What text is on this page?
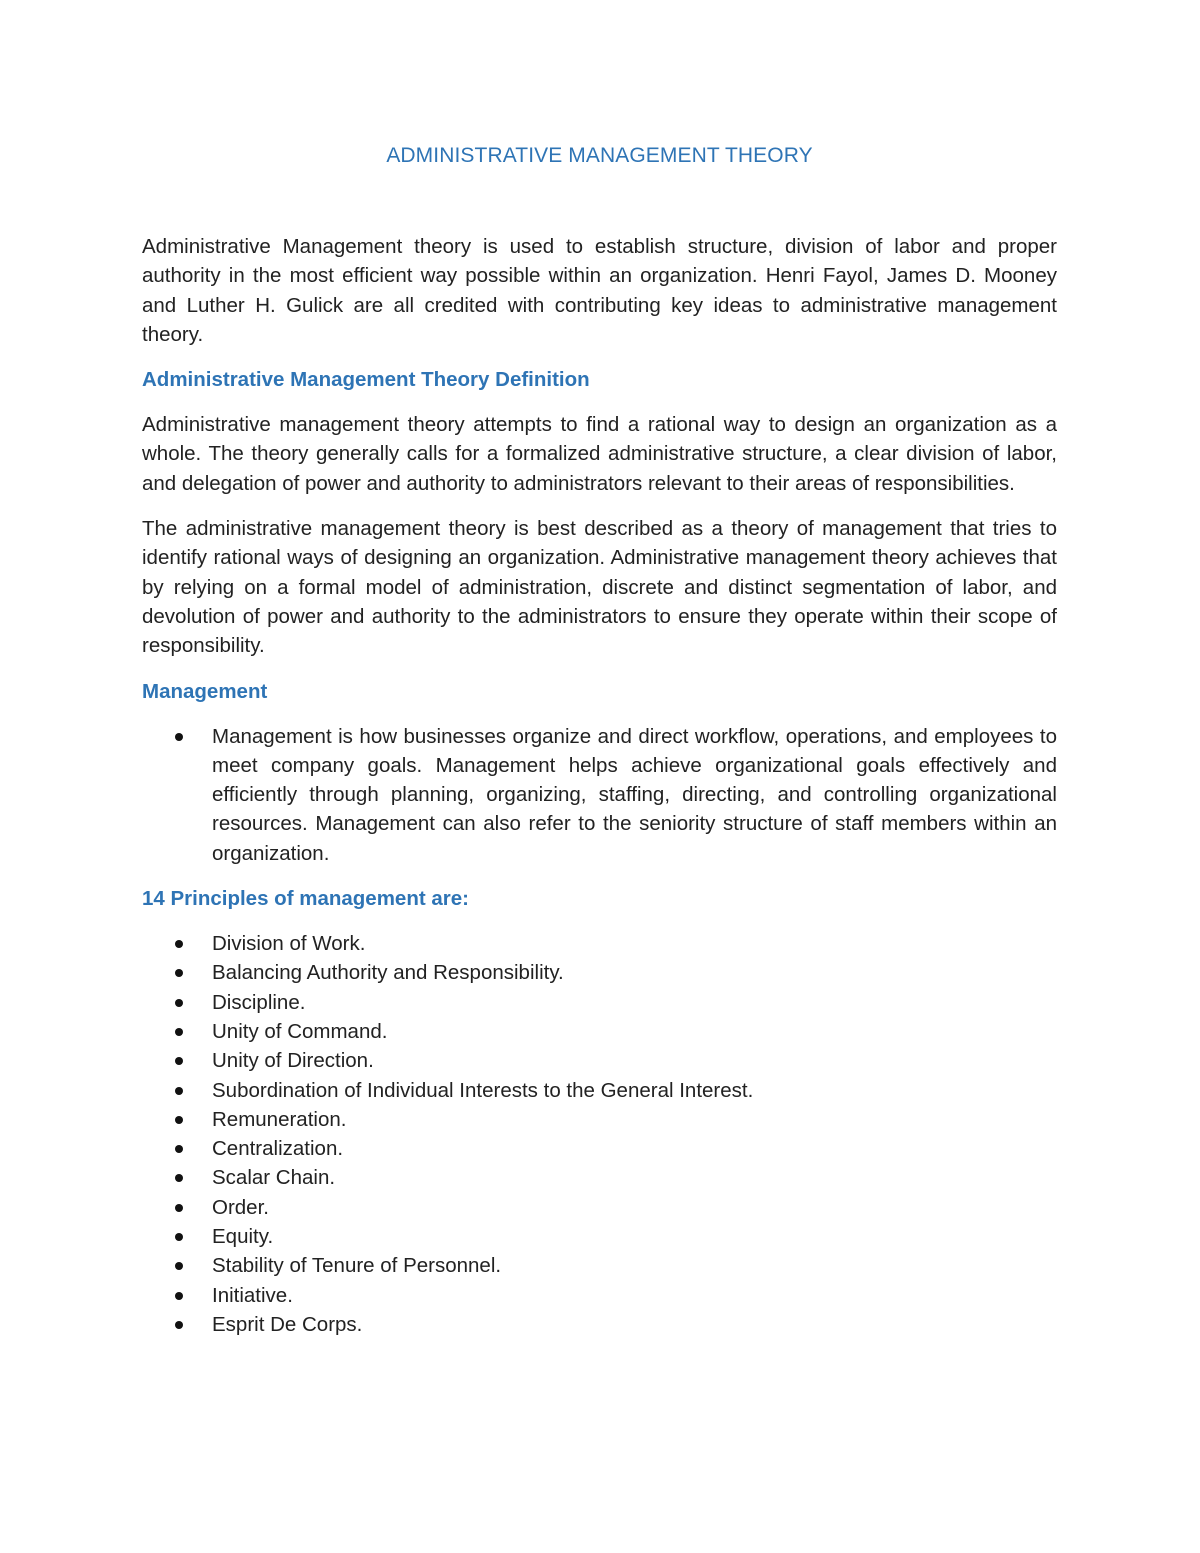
ADMINISTRATIVE MANAGEMENT THEORY

Administrative Management theory is used to establish structure, division of labor and proper authority in the most efficient way possible within an organization. Henri Fayol, James D. Mooney and Luther H. Gulick are all credited with contributing key ideas to administrative management theory.

Administrative Management Theory Definition

Administrative management theory attempts to find a rational way to design an organization as a whole. The theory generally calls for a formalized administrative structure, a clear division of labor, and delegation of power and authority to administrators relevant to their areas of responsibilities.

The administrative management theory is best described as a theory of management that tries to identify rational ways of designing an organization. Administrative management theory achieves that by relying on a formal model of administration, discrete and distinct segmentation of labor, and devolution of power and authority to the administrators to ensure they operate within their scope of responsibility.

Management
Management is how businesses organize and direct workflow, operations, and employees to meet company goals. Management helps achieve organizational goals effectively and efficiently through planning, organizing, staffing, directing, and controlling organizational resources. Management can also refer to the seniority structure of staff members within an organization.
14 Principles of management are:
Division of Work.
Balancing Authority and Responsibility.
Discipline.
Unity of Command.
Unity of Direction.
Subordination of Individual Interests to the General Interest.
Remuneration.
Centralization.
Scalar Chain.
Order.
Equity.
Stability of Tenure of Personnel.
Initiative.
Esprit De Corps.
